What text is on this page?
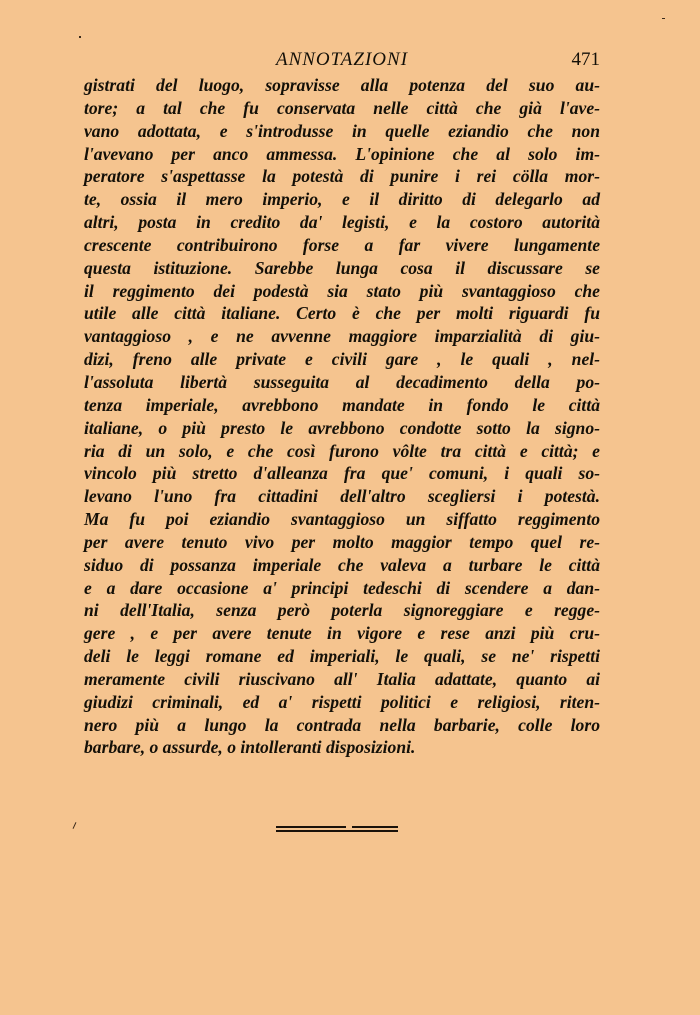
ANNOTAZIONI	471
gistrati del luogo, sopravisse alla potenza del suo au-
tore; a tal che fu conservata nelle città che già l'ave-
vano adottata, e s'introdusse in quelle eziandio che non
l'avevano per anco ammessa. L'opinione che al solo im-
peratore s'aspettasse la potestà di punire i rei cölla mor-
te, ossia il mero imperio, e il diritto di delegarlo ad
altri, posta in credito da' legisti, e la costoro autorità
crescente contribuirono forse a far vivere lungamente
questa istituzione. Sarebbe lunga cosa il discussare se
il reggimento dei podestà sia stato più svantaggioso che
utile alle città italiane. Certo è che per molti riguardi fu
vantaggioso , e ne avvenne maggiore imparzialità di giu-
dizi, freno alle private e civili gare , le quali , nel-
l'assoluta libertà susseguita al decadimento della po-
tenza imperiale, avrebbono mandate in fondo le città
italiane, o più presto le avrebbono condotte sotto la signo-
ria di un solo, e che così furono vôlte tra città e città; e
vincolo più stretto d'alleanza fra que' comuni, i quali so-
levano l'uno fra cittadini dell'altro scegliersi i potestà.
Ma fu poi eziandio svantaggioso un siffatto reggimento
per avere tenuto vivo per molto maggior tempo quel re-
siduo di possanza imperiale che valeva a turbare le città
e a dare occasione a' principi tedeschi di scendere a dan-
ni dell'Italia, senza però poterla signoreggiare e regge-
gere , e per avere tenute in vigore e rese anzi più cru-
deli le leggi romane ed imperiali, le quali, se ne' rispetti
meramente civili riuscivano all' Italia adattate, quanto ai
giudizi criminali, ed a' rispetti politici e religiosi, riten-
nero più a lungo la contrada nella barbarie, colle loro
barbare, o assurde, o intolleranti disposizioni.
